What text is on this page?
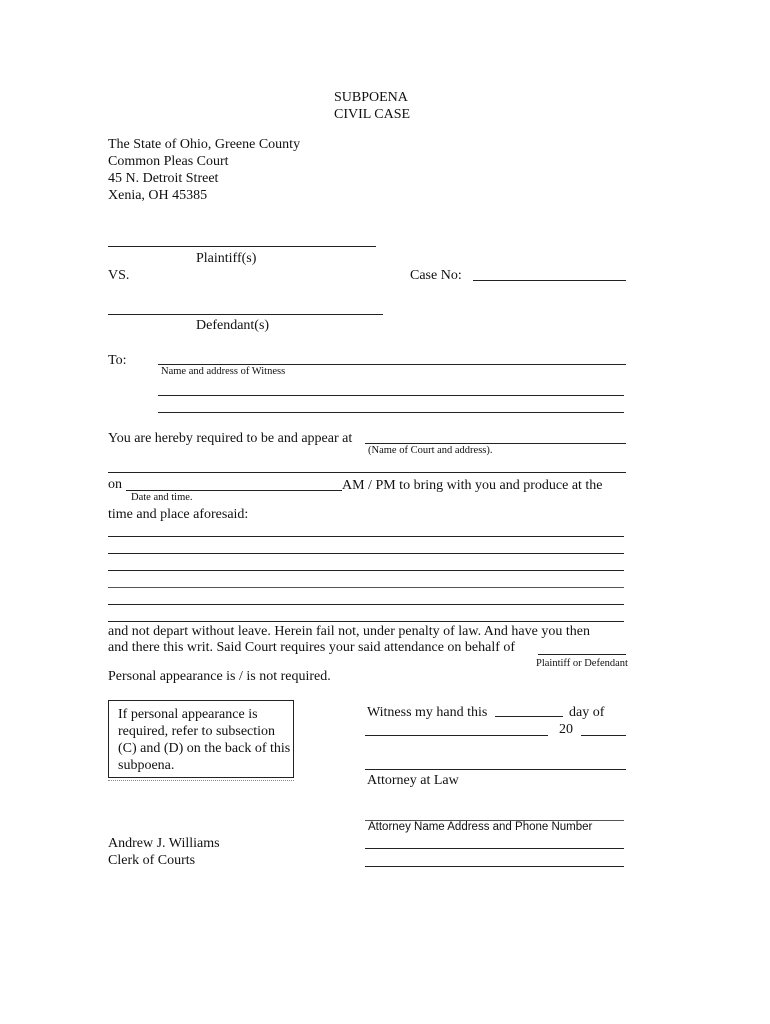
SUBPOENA
CIVIL CASE
The State of Ohio, Greene County
Common Pleas Court
45 N. Detroit Street
Xenia, OH 45385
Plaintiff(s)
VS.	Case No:
Defendant(s)
To:
Name and address of Witness
You are hereby required to be and appear at
(Name of Court and address).
on	AM / PM to bring with you and produce at the
Date and time.
time and place aforesaid:
and not depart without leave. Herein fail not, under penalty of law. And have you then
and there this writ. Said Court requires your said attendance on behalf of
Plaintiff or Defendant
Personal appearance is / is not required.
If personal appearance is required, refer to subsection (C) and (D) on the back of this subpoena.
Witness my hand this	day of
20
Attorney at Law
Attorney Name Address and Phone Number
Andrew J. Williams
Clerk of Courts
